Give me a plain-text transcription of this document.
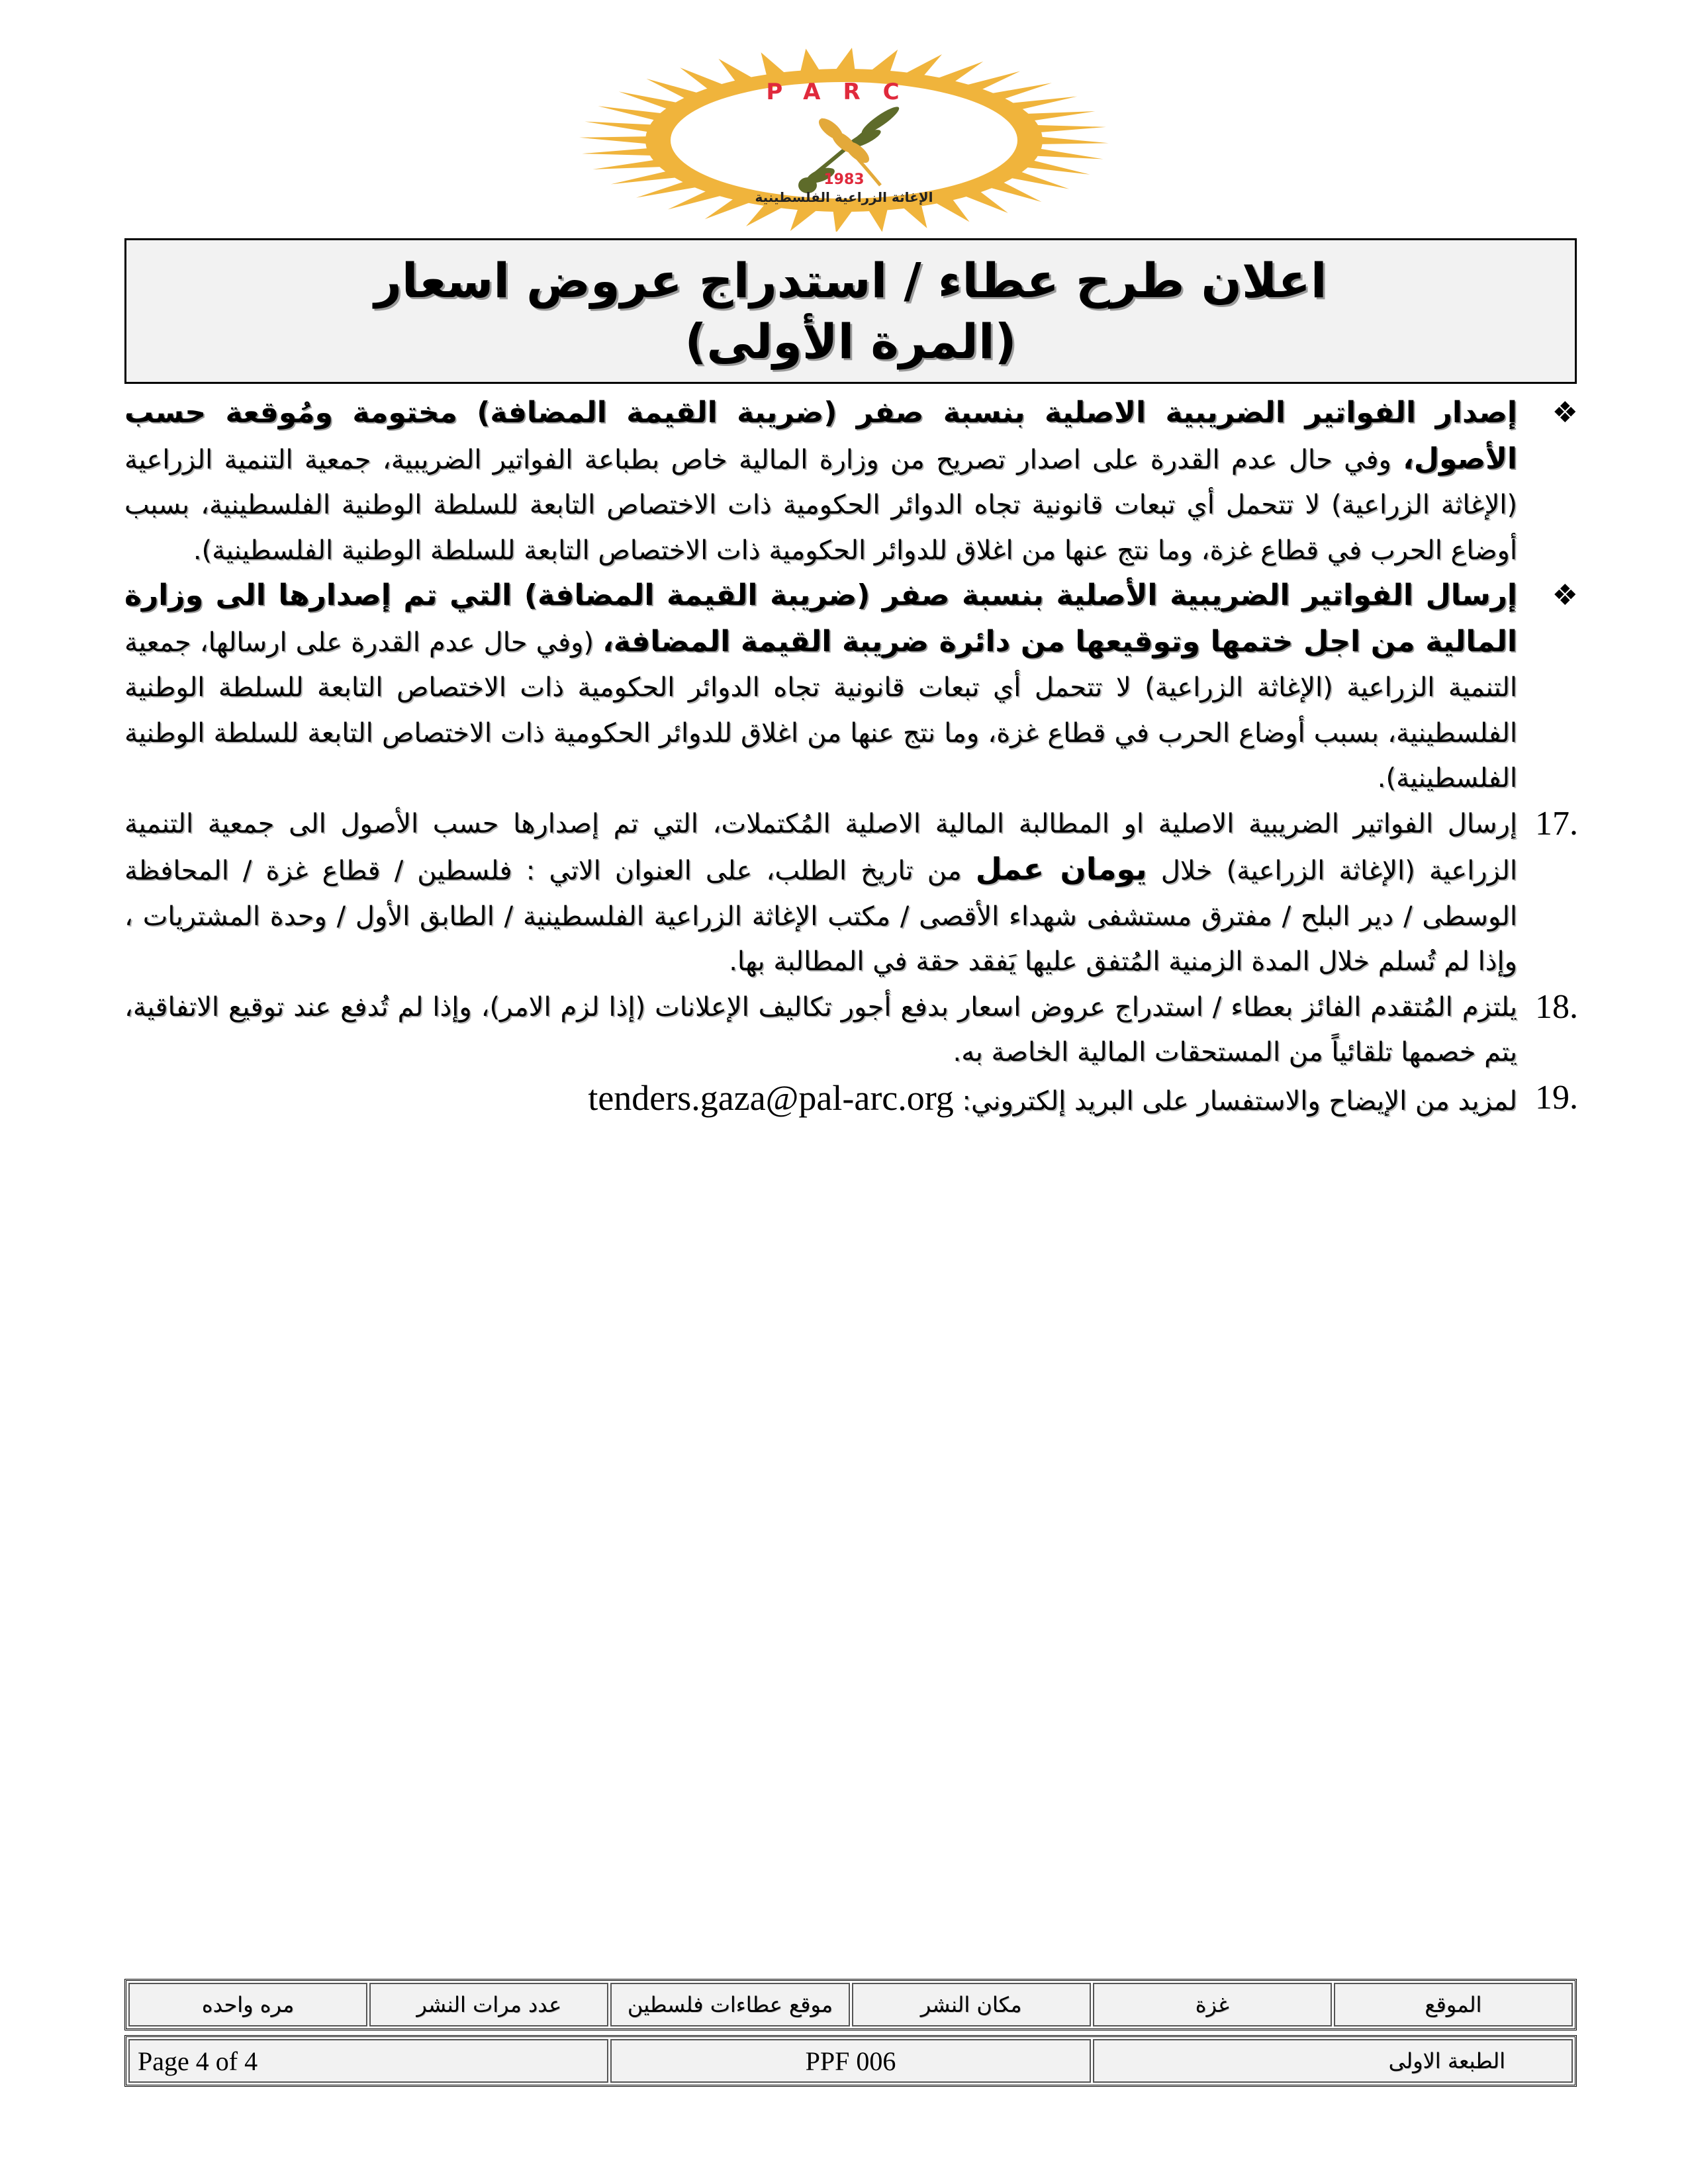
PARC
1983
الإغاثة الزراعية الفلسطينية
اعلان طرح عطاء / استدراج عروض اسعار
(المرة الأولى)
❖
إصدار الفواتير الضريبية الاصلية بنسبة صفر (ضريبة القيمة المضافة) مختومة ومُوقعة حسب الأصول، وفي حال عدم القدرة على اصدار تصريح من وزارة المالية خاص بطباعة الفواتير الضريبية، جمعية التنمية الزراعية (الإغاثة الزراعية) لا تتحمل أي تبعات قانونية تجاه الدوائر الحكومية ذات الاختصاص التابعة للسلطة الوطنية الفلسطينية، بسبب أوضاع الحرب في قطاع غزة، وما نتج عنها من اغلاق للدوائر الحكومية ذات الاختصاص التابعة للسلطة الوطنية الفلسطينية).
❖
إرسال الفواتير الضريبية الأصلية بنسبة صفر (ضريبة القيمة المضافة) التي تم إصدارها الى وزارة المالية من اجل ختمها وتوقيعها من دائرة ضريبة القيمة المضافة، (وفي حال عدم القدرة على ارسالها، جمعية التنمية الزراعية (الإغاثة الزراعية) لا تتحمل أي تبعات قانونية تجاه الدوائر الحكومية ذات الاختصاص التابعة للسلطة الوطنية الفلسطينية، بسبب أوضاع الحرب في قطاع غزة، وما نتج عنها من اغلاق للدوائر الحكومية ذات الاختصاص التابعة للسلطة الوطنية الفلسطينية).
17.
إرسال الفواتير الضريبية الاصلية او المطالبة المالية الاصلية المُكتملات، التي تم إصدارها حسب الأصول الى جمعية التنمية الزراعية (الإغاثة الزراعية) خلال يومان عمل من تاريخ الطلب، على العنوان الاتي : فلسطين / قطاع غزة / المحافظة الوسطى / دير البلح / مفترق مستشفى شهداء الأقصى / مكتب الإغاثة الزراعية الفلسطينية / الطابق الأول / وحدة المشتريات ، وإذا لم تُسلم خلال المدة الزمنية المُتفق عليها يَفقد حقة في المطالبة بها.
18.
يلتزم المُتقدم الفائز بعطاء / استدراج عروض اسعار بدفع أجور تكاليف الإعلانات (إذا لزم الامر)، وإذا لم تُدفع عند توقيع الاتفاقية، يتم خصمها تلقائياً من المستحقات المالية الخاصة به.
19.
لمزيد من الإيضاح والاستفسار على البريد إلكتروني: tenders.gaza@pal-arc.org
الموقع	غزة	مكان النشر	موقع عطاءات فلسطين	عدد مرات النشر	مره واحده
الطبعة الاولى	PPF 006	Page 4 of 4
